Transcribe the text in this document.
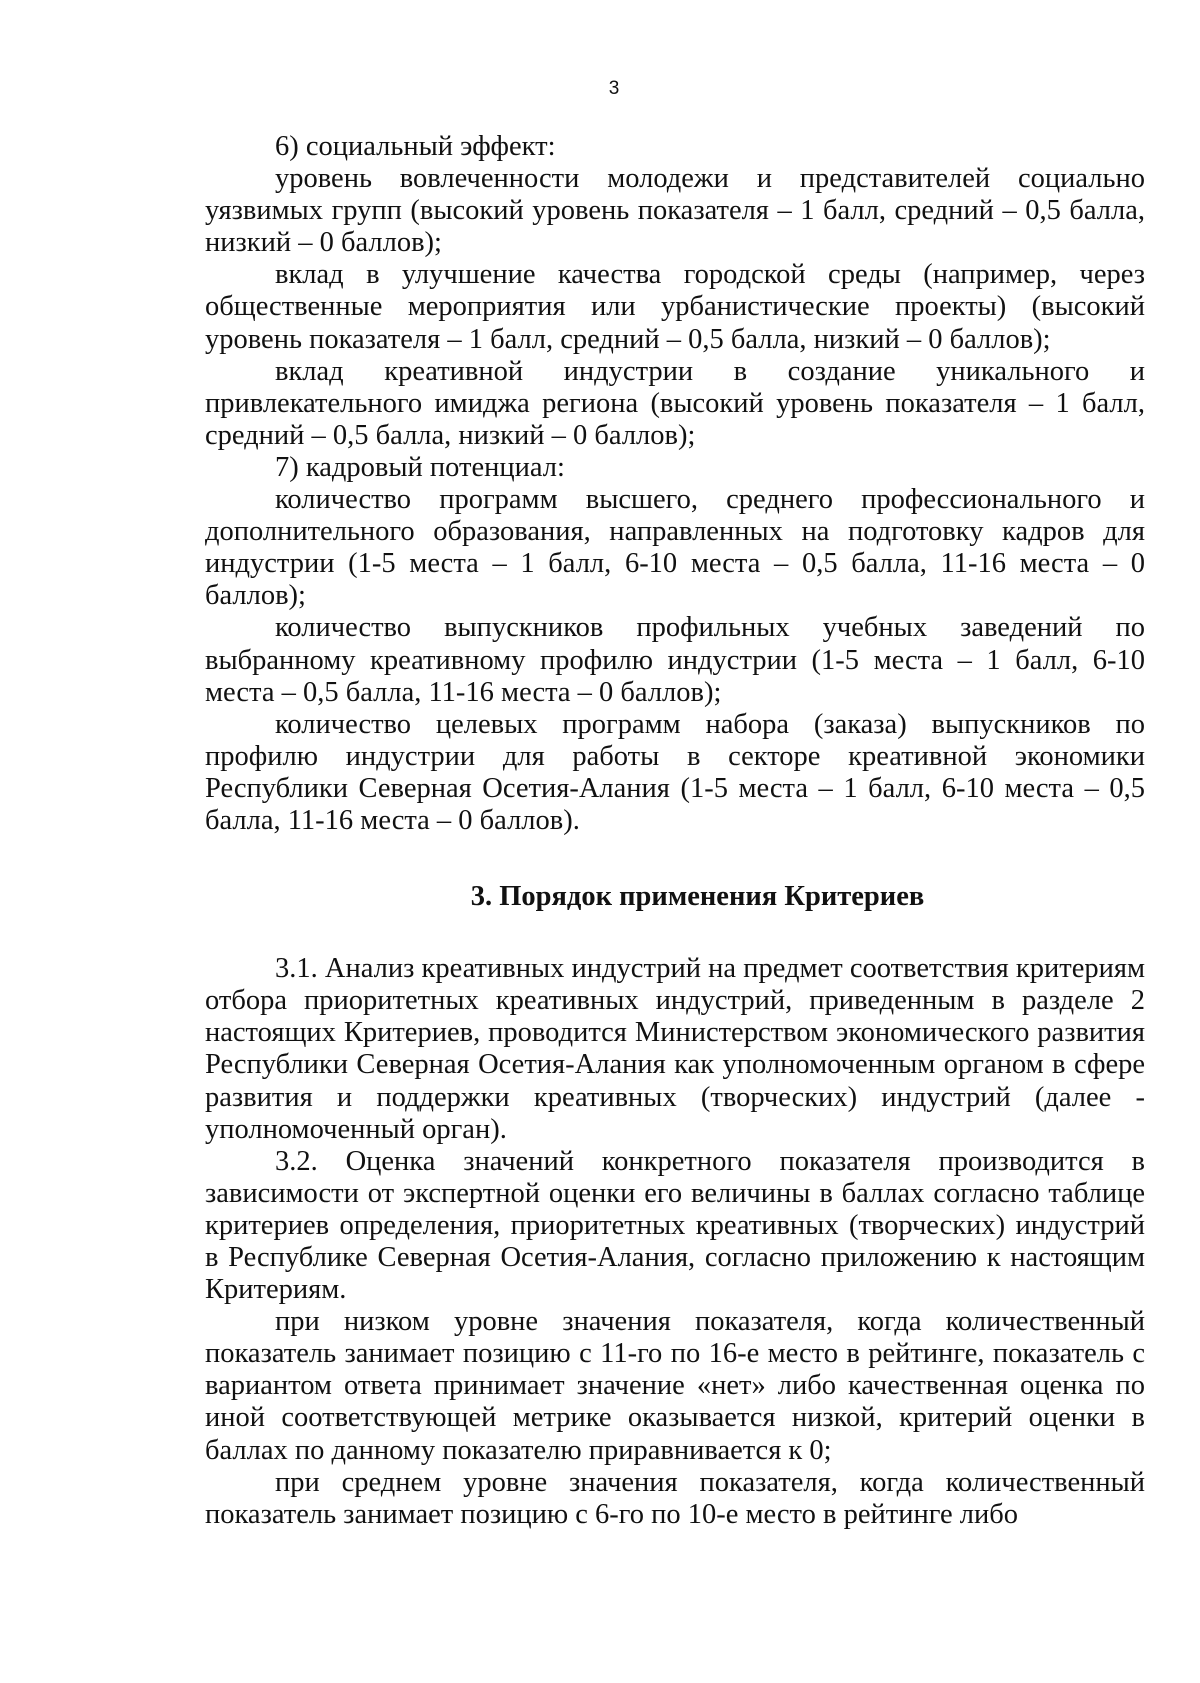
3

6) социальный эффект:

уровень вовлеченности молодежи и представителей социально уязвимых групп (высокий уровень показателя – 1 балл, средний – 0,5 балла, низкий – 0 баллов);

вклад в улучшение качества городской среды (например, через общественные мероприятия или урбанистические проекты) (высокий уровень показателя – 1 балл, средний – 0,5 балла, низкий – 0 баллов);

вклад креативной индустрии в создание уникального и привлекательного имиджа региона (высокий уровень показателя – 1 балл, средний – 0,5 балла, низкий – 0 баллов);

7) кадровый потенциал:

количество программ высшего, среднего профессионального и дополнительного образования, направленных на подготовку кадров для индустрии (1-5 места – 1 балл, 6-10 места – 0,5 балла, 11-16 места – 0 баллов);

количество выпускников профильных учебных заведений по выбранному креативному профилю индустрии (1-5 места – 1 балл, 6-10 места – 0,5 балла, 11-16 места – 0 баллов);

количество целевых программ набора (заказа) выпускников по профилю индустрии для работы в секторе креативной экономики Республики Северная Осетия-Алания (1-5 места – 1 балл, 6-10 места – 0,5 балла, 11-16 места – 0 баллов).

3. Порядок применения Критериев

3.1. Анализ креативных индустрий на предмет соответствия критериям отбора приоритетных креативных индустрий, приведенным в разделе 2 настоящих Критериев, проводится Министерством экономического развития Республики Северная Осетия-Алания как уполномоченным органом в сфере развития и поддержки креативных (творческих) индустрий (далее - уполномоченный орган).

3.2. Оценка значений конкретного показателя производится в зависимости от экспертной оценки его величины в баллах согласно таблице критериев определения, приоритетных креативных (творческих) индустрий в Республике Северная Осетия-Алания, согласно приложению к настоящим Критериям.

при низком уровне значения показателя, когда количественный показатель занимает позицию с 11-го по 16-е место в рейтинге, показатель с вариантом ответа принимает значение «нет» либо качественная оценка по иной соответствующей метрике оказывается низкой, критерий оценки в баллах по данному показателю приравнивается к 0;

при среднем уровне значения показателя, когда количественный показатель занимает позицию с 6-го по 10-е место в рейтинге либо
